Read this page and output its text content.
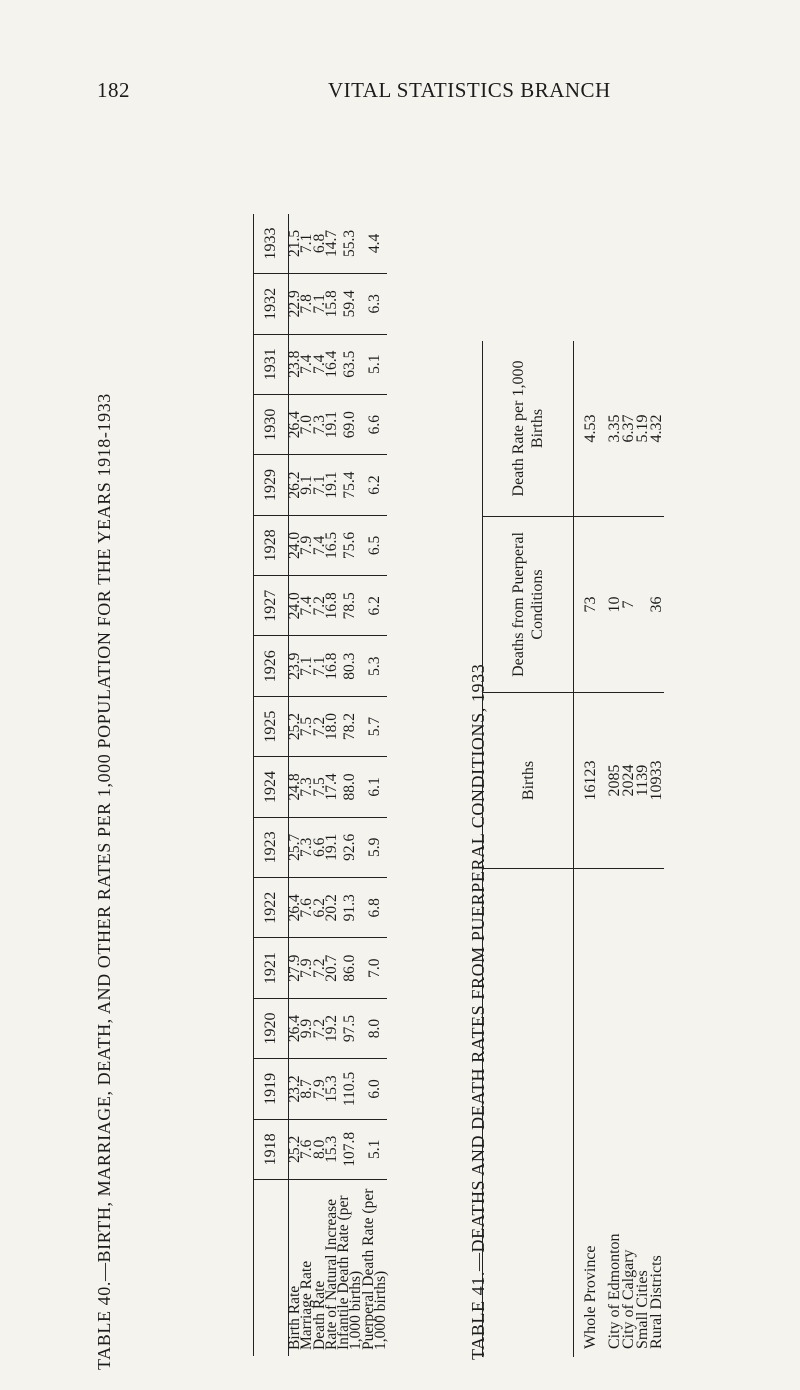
182	VITAL STATISTICS BRANCH
TABLE 40.—BIRTH, MARRIAGE, DEATH, AND OTHER RATES PER 1,000 POPULATION FOR THE YEARS 1918-1933
		1918	1919	1920	1921	1922	1923	1924	1925	1926	1927	1928	1929	1930	1931	1932	1933
Birth Rate	25.2	23.2	26.4	27.9	26.4	25.7	24.8	25.2	23.9	24.0	24.0	26.2	26.4	23.8	22.9	21.5
Marriage Rate	7.6	8.7	9.9	7.9	7.6	7.3	7.3	7.5	7.1	7.4	7.9	9.1	7.0	7.4	7.8	7.1
Death Rate	8.0	7.9	7.2	7.2	6.2	6.6	7.5	7.2	7.1	7.2	7.4	7.1	7.3	7.4	7.1	6.8
Rate of Natural Increase	15.3	15.3	19.2	20.7	20.2	19.1	17.4	18.0	16.8	16.8	16.5	19.1	19.1	16.4	15.8	14.7
Infantile Death Rate (per 1,000 births)	107.8	110.5	97.5	86.0	91.3	92.6	88.0	78.2	80.3	78.5	75.6	75.4	69.0	63.5	59.4	55.3
Puerperal Death Rate (per 1,000 births)	5.1	6.0	8.0	7.0	6.8	5.9	6.1	5.7	5.3	6.2	6.5	6.2	6.6	5.1	6.3	4.4
TABLE 41.—DEATHS AND DEATH RATES FROM PUERPERAL CONDITIONS, 1933
	Births	Deaths from Puerperal Conditions	Death Rate per 1,000 Births

Whole Province	16123	73	4.53

City of Edmonton	2085	10	3.35
City of Calgary	2024	7	6.37
Small Cities	1139		5.19
Rural Districts	10933	36	4.32
